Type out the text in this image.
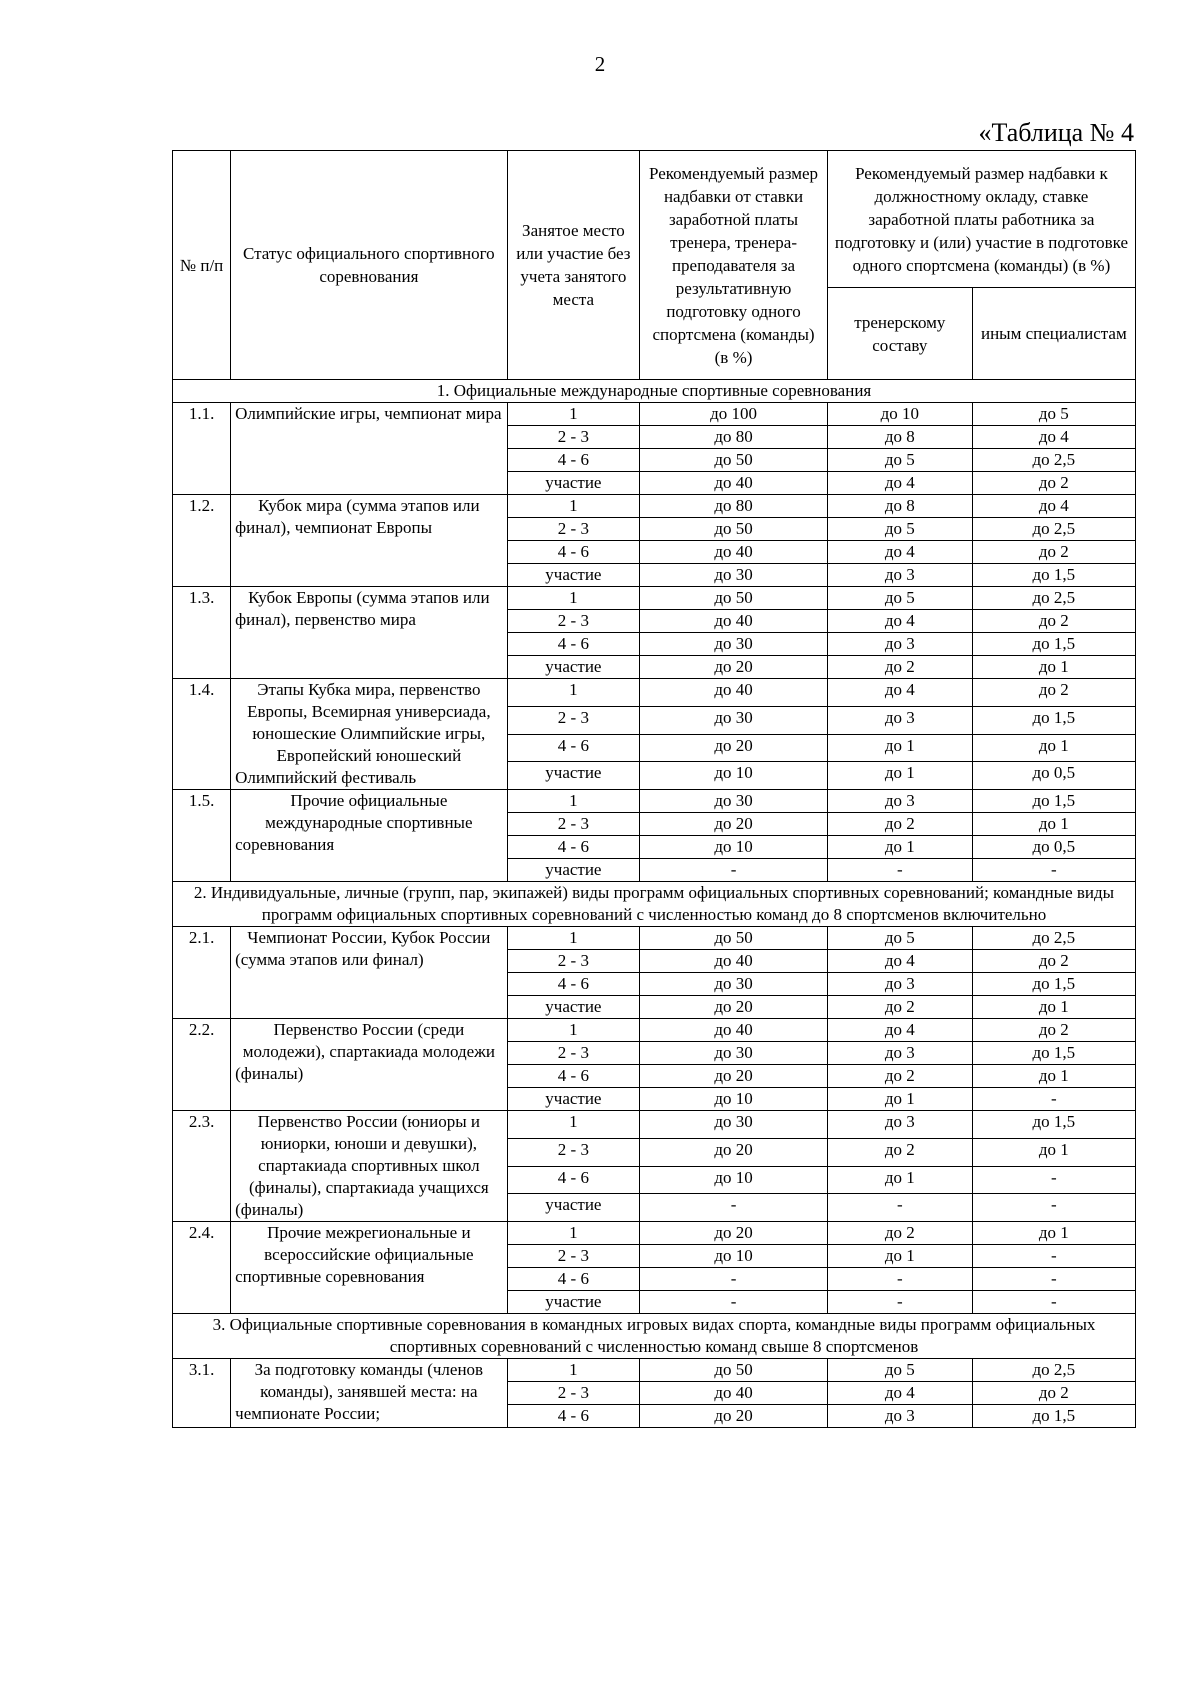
2
«Таблица № 4
№ п/п	Статус официального спортивного соревнования	Занятое место или участие без учета занятого места	Рекомендуемый размер надбавки от ставки заработной платы тренера, тренера-преподавателя за результативную подготовку одного спортсмена (команды) (в %)	Рекомендуемый размер надбавки к должностному окладу, ставке заработной платы работника за подготовку и (или) участие в подготовке одного спортсмена (команды) (в %)	
				тренерскому составу	иным специалистам
1. Официальные международные спортивные соревнования					
1.1.	Олимпийские игры, чемпионат мира	1	до 100	до 10	до 5
		2 - 3	до 80	до 8	до 4
		4 - 6	до 50	до 5	до 2,5
		участие	до 40	до 4	до 2
1.2.	Кубок мира (сумма этапов или финал), чемпионат Европы	1	до 80	до 8	до 4
		2 - 3	до 50	до 5	до 2,5
		4 - 6	до 40	до 4	до 2
		участие	до 30	до 3	до 1,5
1.3.	Кубок Европы (сумма этапов или финал), первенство мира	1	до 50	до 5	до 2,5
		2 - 3	до 40	до 4	до 2
		4 - 6	до 30	до 3	до 1,5
		участие	до 20	до 2	до 1
1.4.	Этапы Кубка мира, первенство Европы, Всемирная универсиада, юношеские Олимпийские игры, Европейский юношеский Олимпийский фестиваль	1	до 40	до 4	до 2
		2 - 3	до 30	до 3	до 1,5
		4 - 6	до 20	до 1	до 1
		участие	до 10	до 1	до 0,5
1.5.	Прочие официальные международные спортивные соревнования	1	до 30	до 3	до 1,5
		2 - 3	до 20	до 2	до 1
		4 - 6	до 10	до 1	до 0,5
		участие	-	-	-
2. Индивидуальные, личные (групп, пар, экипажей) виды программ официальных спортивных соревнований; командные виды программ официальных спортивных соревнований с численностью команд до 8 спортсменов включительно					
2.1.	Чемпионат России, Кубок России (сумма этапов или финал)	1	до 50	до 5	до 2,5
		2 - 3	до 40	до 4	до 2
		4 - 6	до 30	до 3	до 1,5
		участие	до 20	до 2	до 1
2.2.	Первенство России (среди молодежи), спартакиада молодежи (финалы)	1	до 40	до 4	до 2
		2 - 3	до 30	до 3	до 1,5
		4 - 6	до 20	до 2	до 1
		участие	до 10	до 1	-
2.3.	Первенство России (юниоры и юниорки, юноши и девушки), спартакиада спортивных школ (финалы), спартакиада учащихся (финалы)	1	до 30	до 3	до 1,5
		2 - 3	до 20	до 2	до 1
		4 - 6	до 10	до 1	-
		участие	-	-	-
2.4.	Прочие межрегиональные и всероссийские официальные спортивные соревнования	1	до 20	до 2	до 1
		2 - 3	до 10	до 1	-
		4 - 6	-	-	-
		участие	-	-	-
3. Официальные спортивные соревнования в командных игровых видах спорта, командные виды программ официальных спортивных соревнований с численностью команд свыше 8 спортсменов					
3.1.	За подготовку команды (членов команды), занявшей места: на чемпионате России;	1	до 50	до 5	до 2,5
		2 - 3	до 40	до 4	до 2
		4 - 6	до 20	до 3	до 1,5
